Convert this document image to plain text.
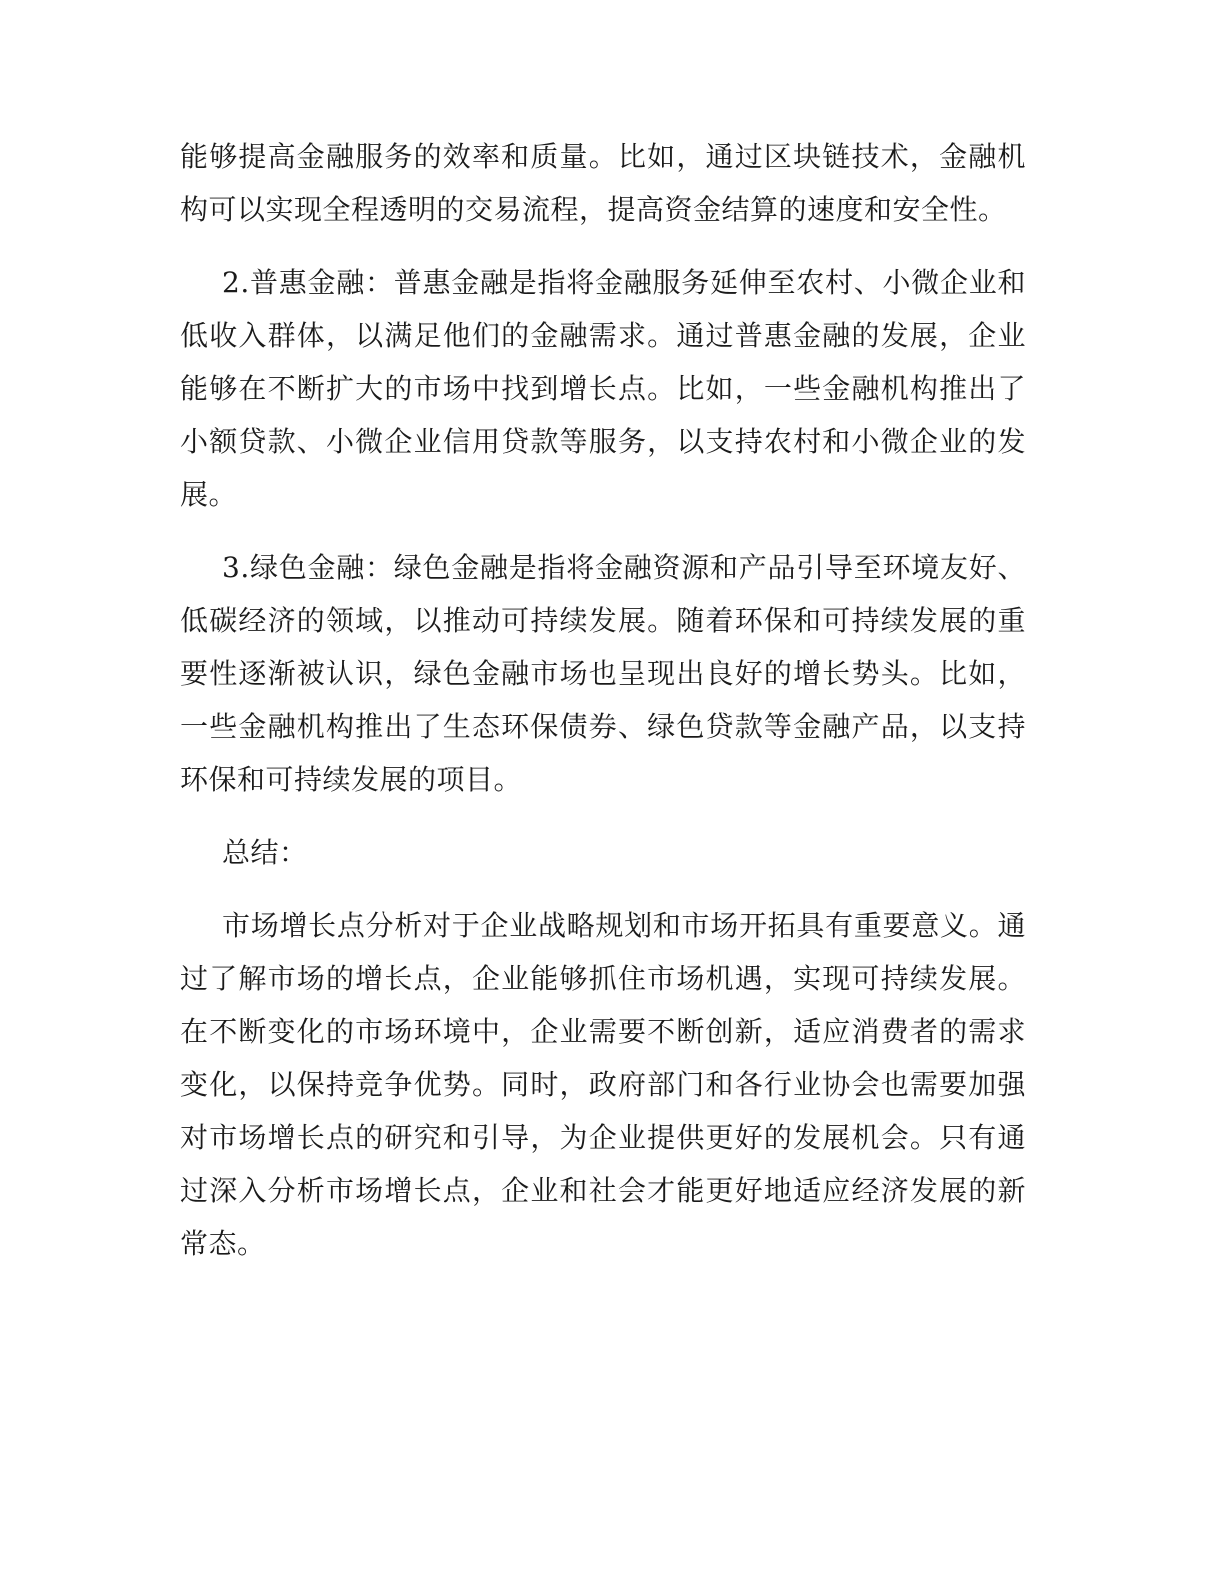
能够提高金融服务的效率和质量。比如，通过区块链技术，金融机构可以实现全程透明的交易流程，提高资金结算的速度和安全性。

2.普惠金融：普惠金融是指将金融服务延伸至农村、小微企业和低收入群体，以满足他们的金融需求。通过普惠金融的发展，企业能够在不断扩大的市场中找到增长点。比如，一些金融机构推出了小额贷款、小微企业信用贷款等服务，以支持农村和小微企业的发展。

3.绿色金融：绿色金融是指将金融资源和产品引导至环境友好、低碳经济的领域，以推动可持续发展。随着环保和可持续发展的重要性逐渐被认识，绿色金融市场也呈现出良好的增长势头。比如，一些金融机构推出了生态环保债券、绿色贷款等金融产品，以支持环保和可持续发展的项目。

总结：

市场增长点分析对于企业战略规划和市场开拓具有重要意义。通过了解市场的增长点，企业能够抓住市场机遇，实现可持续发展。在不断变化的市场环境中，企业需要不断创新，适应消费者的需求变化，以保持竞争优势。同时，政府部门和各行业协会也需要加强对市场增长点的研究和引导，为企业提供更好的发展机会。只有通过深入分析市场增长点，企业和社会才能更好地适应经济发展的新常态。
